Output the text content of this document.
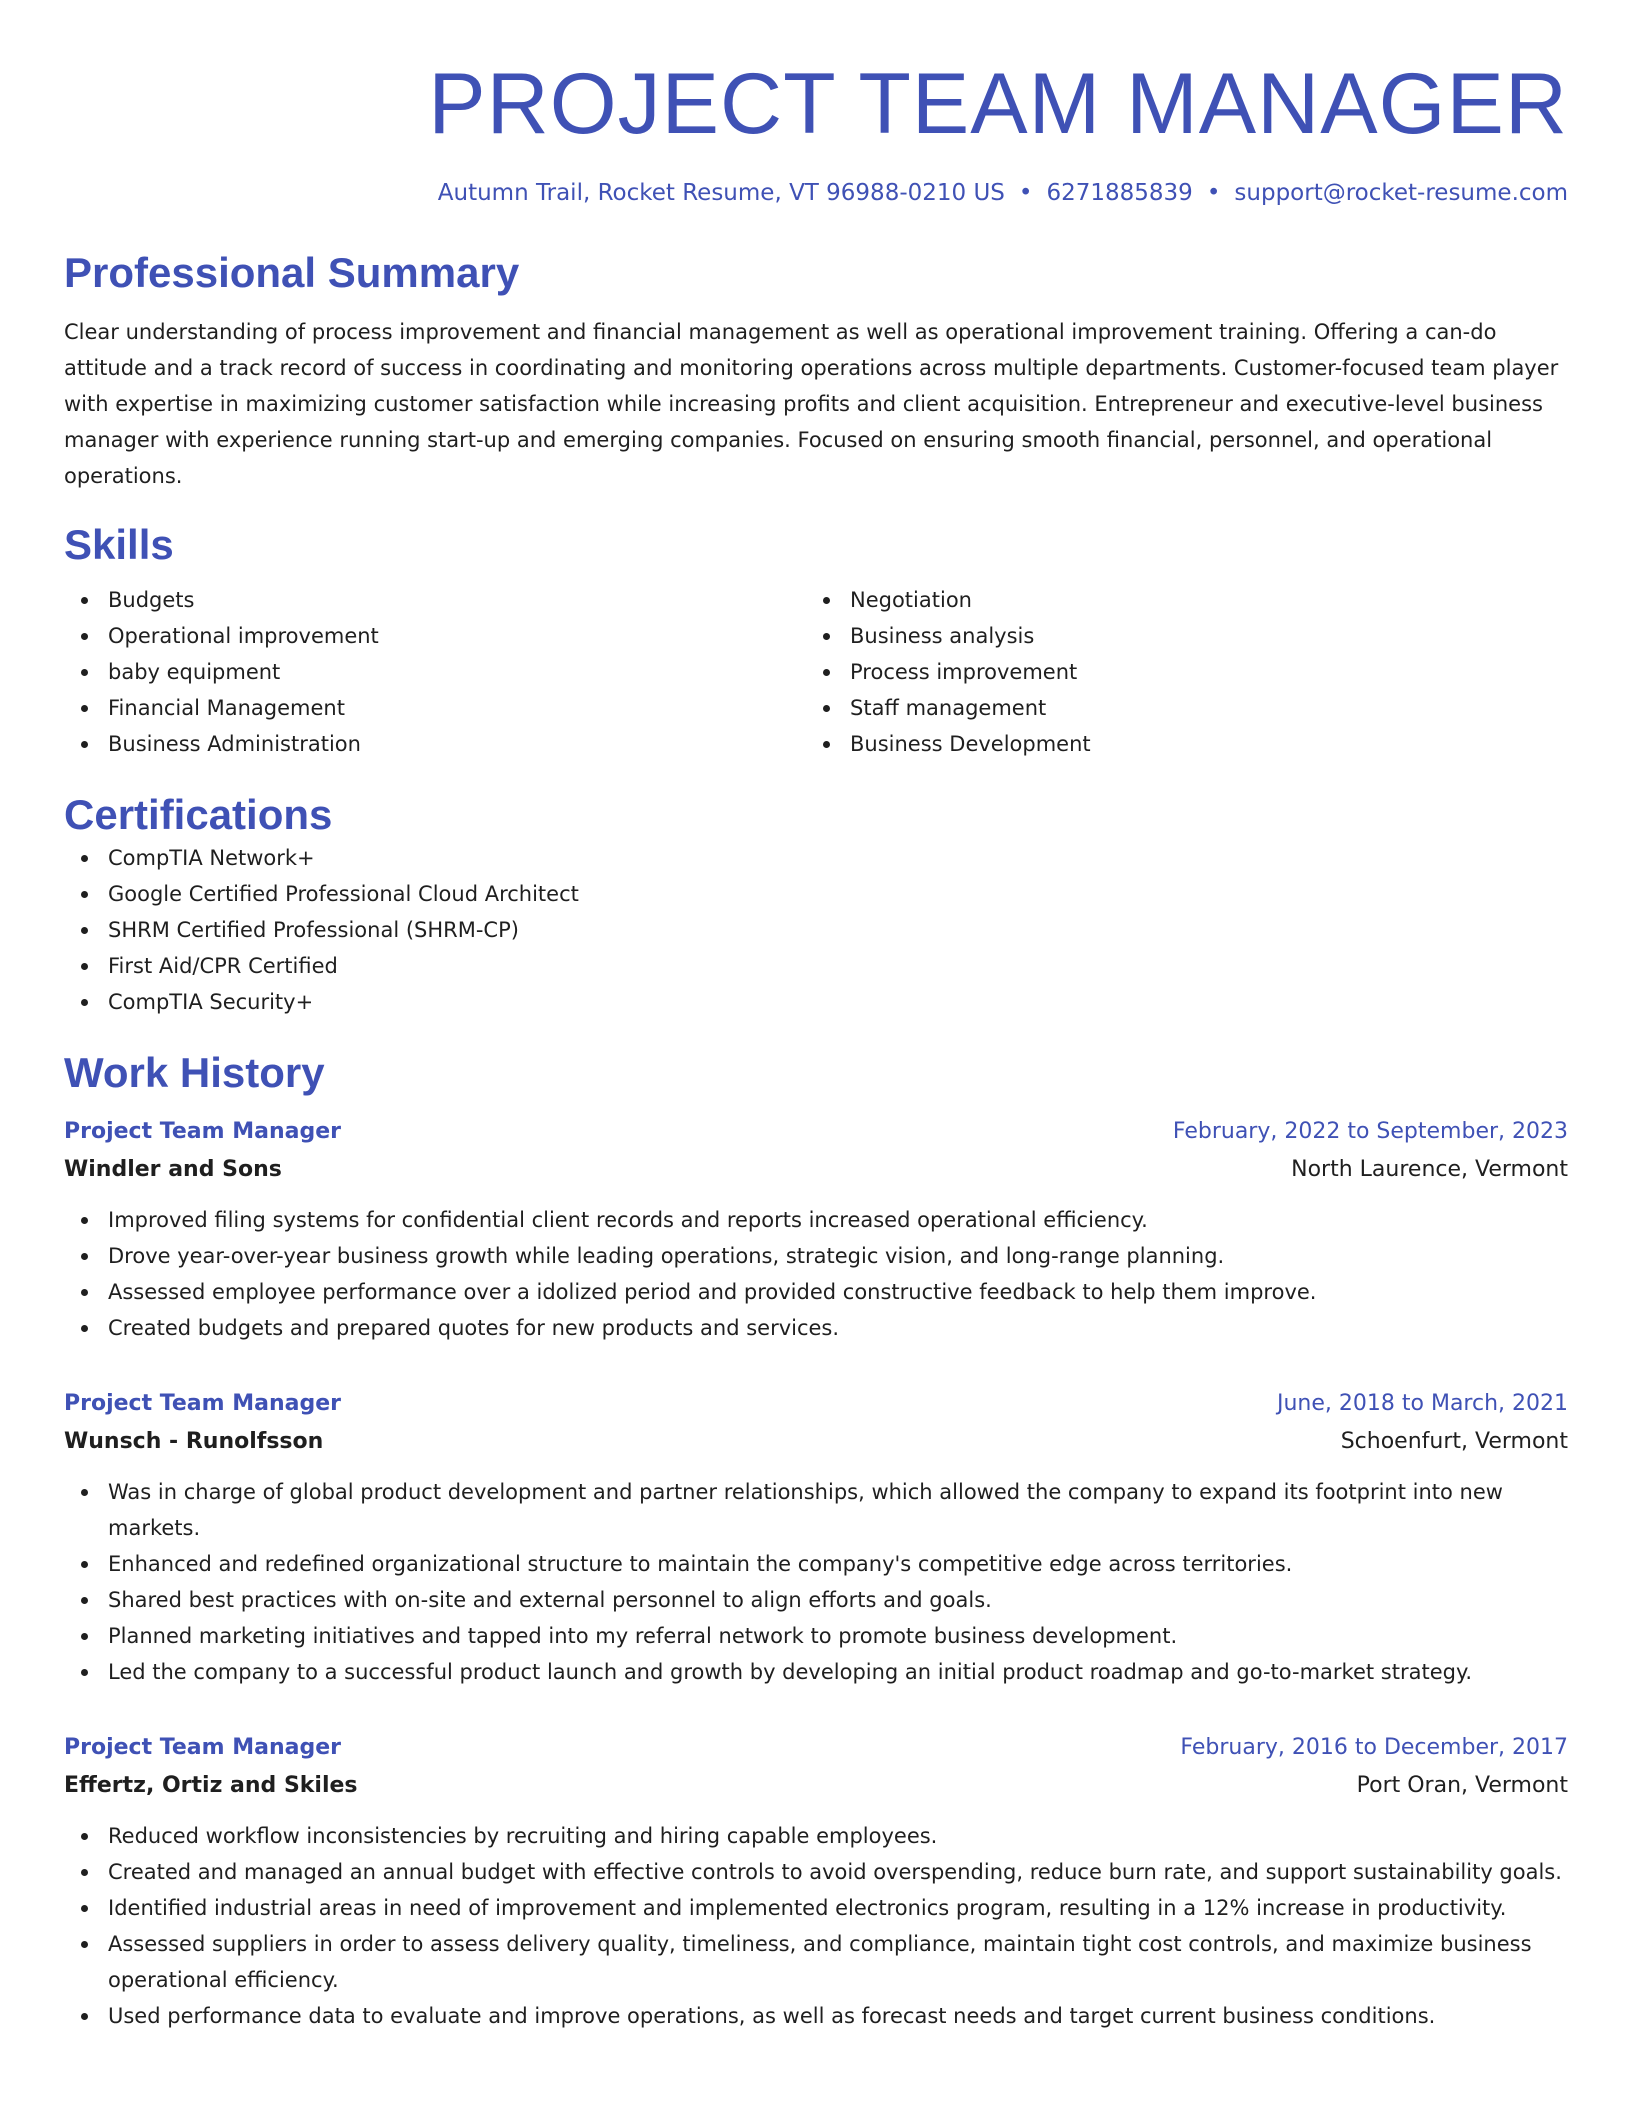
PROJECT TEAM MANAGER
Autumn Trail, Rocket Resume, VT 96988-0210 US • 6271885839 • support@rocket-resume.com
Professional Summary

Clear understanding of process improvement and financial management as well as operational improvement training. Offering a can-do attitude and a track record of success in coordinating and monitoring operations across multiple departments. Customer-focused team player with expertise in maximizing customer satisfaction while increasing profits and client acquisition. Entrepreneur and executive-level business manager with experience running start-up and emerging companies. Focused on ensuring smooth financial, personnel, and operational operations.

Skills
Budgets
Operational improvement
baby equipment
Financial Management
Business Administration
Negotiation
Business analysis
Process improvement
Staff management
Business Development
Certifications
CompTIA Network+
Google Certified Professional Cloud Architect
SHRM Certified Professional (SHRM-CP)
First Aid/CPR Certified
CompTIA Security+
Work History
Project Team Manager	February, 2022 to September, 2023
Windler and Sons	North Laurence, Vermont
Improved filing systems for confidential client records and reports increased operational efficiency.
Drove year-over-year business growth while leading operations, strategic vision, and long-range planning.
Assessed employee performance over a idolized period and provided constructive feedback to help them improve.
Created budgets and prepared quotes for new products and services.
Project Team Manager	June, 2018 to March, 2021
Wunsch - Runolfsson	Schoenfurt, Vermont
Was in charge of global product development and partner relationships, which allowed the company to expand its footprint into new markets.
Enhanced and redefined organizational structure to maintain the company's competitive edge across territories.
Shared best practices with on-site and external personnel to align efforts and goals.
Planned marketing initiatives and tapped into my referral network to promote business development.
Led the company to a successful product launch and growth by developing an initial product roadmap and go-to-market strategy.
Project Team Manager	February, 2016 to December, 2017
Effertz, Ortiz and Skiles	Port Oran, Vermont
Reduced workflow inconsistencies by recruiting and hiring capable employees.
Created and managed an annual budget with effective controls to avoid overspending, reduce burn rate, and support sustainability goals.
Identified industrial areas in need of improvement and implemented electronics program, resulting in a 12% increase in productivity.
Assessed suppliers in order to assess delivery quality, timeliness, and compliance, maintain tight cost controls, and maximize business operational efficiency.
Used performance data to evaluate and improve operations, as well as forecast needs and target current business conditions.
